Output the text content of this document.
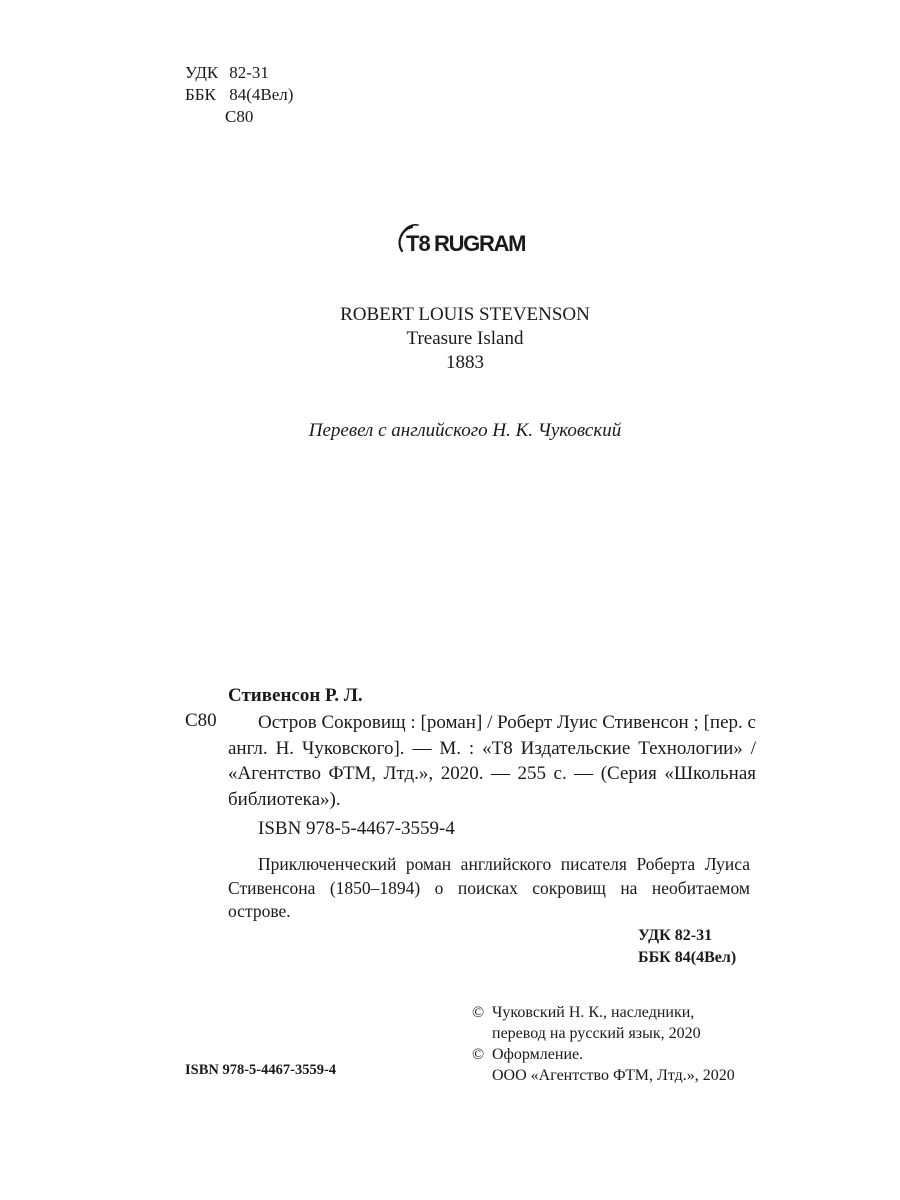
УДК 82-31
ББК 84(4Вел)
С80
T8 RUGRAM
ROBERT LOUIS STEVENSON
Treasure Island
1883
Перевел с английского Н. К. Чуковский
Стивенсон Р. Л.
С80	Остров Сокровищ : [роман] / Роберт Луис Стивенсон ; [пер. с англ. Н. Чуковского]. — М. : «Т8 Издательские Технологии» / «Агентство ФТМ, Лтд.», 2020. — 255 с. — (Серия «Школьная библиотека»).

ISBN 978-5-4467-3559-4

Приключенческий роман английского писателя Роберта Луиса Стивенсона (1850–1894) о поисках сокровищ на необитаемом острове.

УДК 82-31
ББК 84(4Вел)
© Чуковский Н. К., наследники,
перевод на русский язык, 2020
© Оформление.
ООО «Агентство ФТМ, Лтд.», 2020
ISBN 978-5-4467-3559-4
